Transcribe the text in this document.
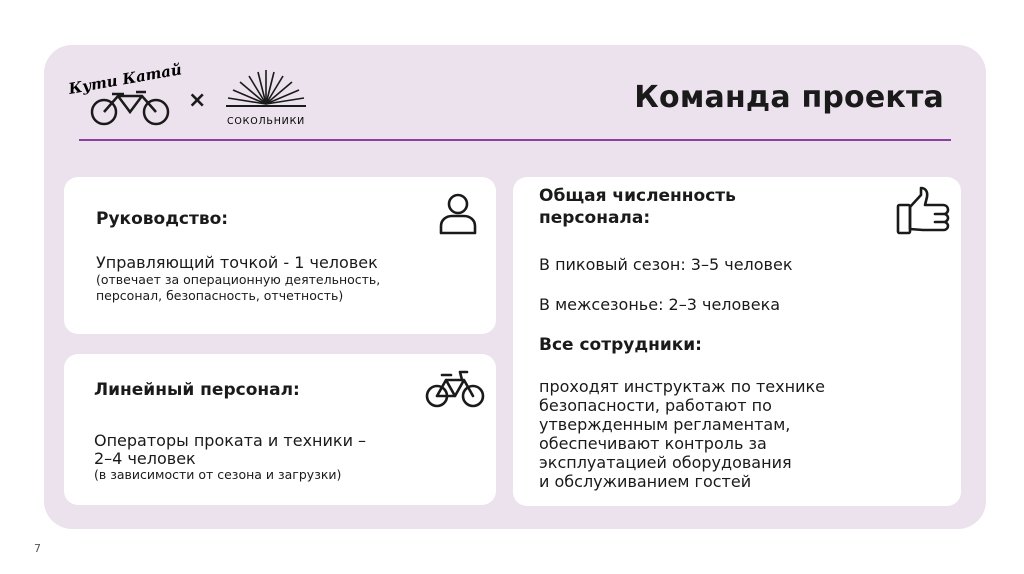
Кути Катай
×
СОКОЛЬНИКИ
Команда проекта
Руководство:
Управляющий точкой - 1 человек
(отвечает за операционную деятельность,
персонал, безопасность, отчетность)
Линейный персонал:
Операторы проката и техники –
2–4 человек
(в зависимости от сезона и загрузки)
Общая численность
персонала:
В пиковый сезон: 3–5 человек
В межсезонье: 2–3 человека
Все сотрудники:
проходят инструктаж по технике
безопасности, работают по
утвержденным регламентам,
обеспечивают контроль за
эксплуатацией оборудования
и обслуживанием гостей
7
